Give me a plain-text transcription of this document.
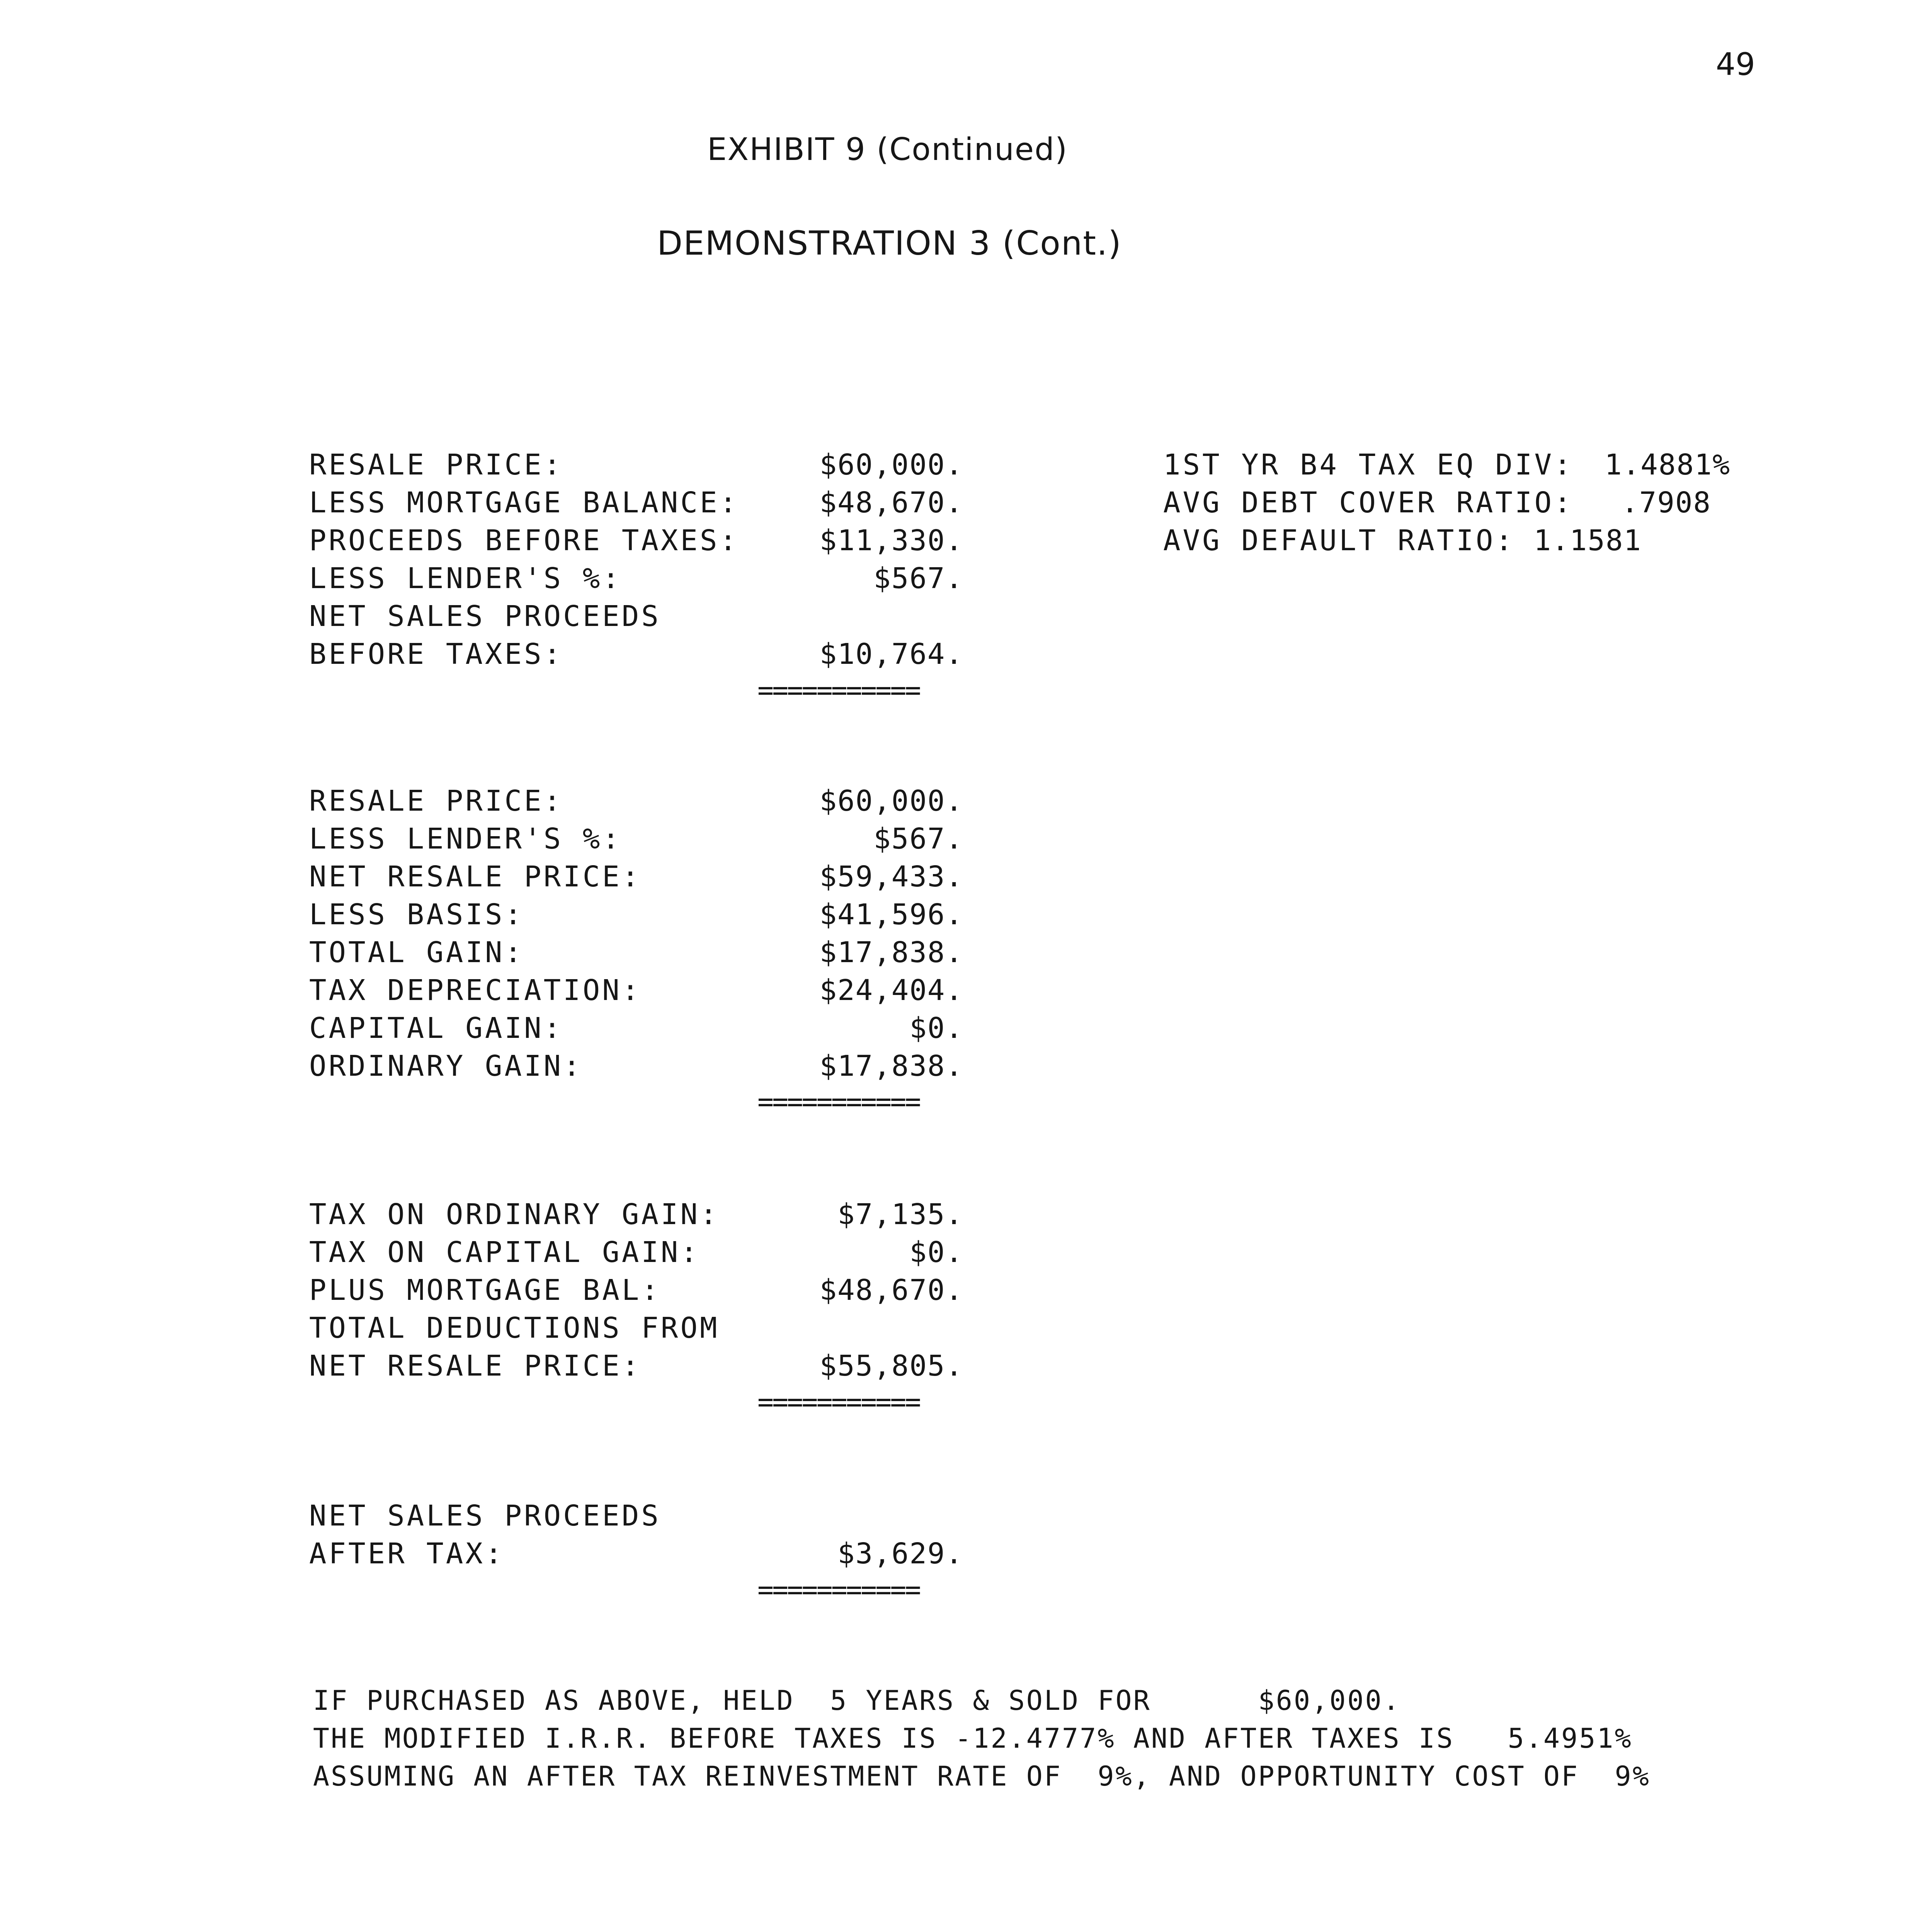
49
EXHIBIT 9 (Continued)
DEMONSTRATION 3 (Cont.)
RESALE PRICE:	$60,000.
LESS MORTGAGE BALANCE:	$48,670.
PROCEEDS BEFORE TAXES:	$11,330.
LESS LENDER'S %:	$567.
NET SALES PROCEEDS
BEFORE TAXES:	$10,764.
===========
1ST YR B4 TAX EQ DIV: 1.4881%
AVG DEBT COVER RATIO: .7908
AVG DEFAULT RATIO: 1.1581
RESALE PRICE:	$60,000.
LESS LENDER'S %:	$567.
NET RESALE PRICE:	$59,433.
LESS BASIS:	$41,596.
TOTAL GAIN:	$17,838.
TAX DEPRECIATION:	$24,404.
CAPITAL GAIN:	$0.
ORDINARY GAIN:	$17,838.
===========
TAX ON ORDINARY GAIN:	$7,135.
TAX ON CAPITAL GAIN:	$0.
PLUS MORTGAGE BAL:	$48,670.
TOTAL DEDUCTIONS FROM
NET RESALE PRICE:	$55,805.
===========
NET SALES PROCEEDS
AFTER TAX:	$3,629.
===========
IF PURCHASED AS ABOVE, HELD  5 YEARS & SOLD FOR      $60,000.
THE MODIFIED I.R.R. BEFORE TAXES IS -12.4777% AND AFTER TAXES IS   5.4951%
ASSUMING AN AFTER TAX REINVESTMENT RATE OF  9%, AND OPPORTUNITY COST OF  9%
